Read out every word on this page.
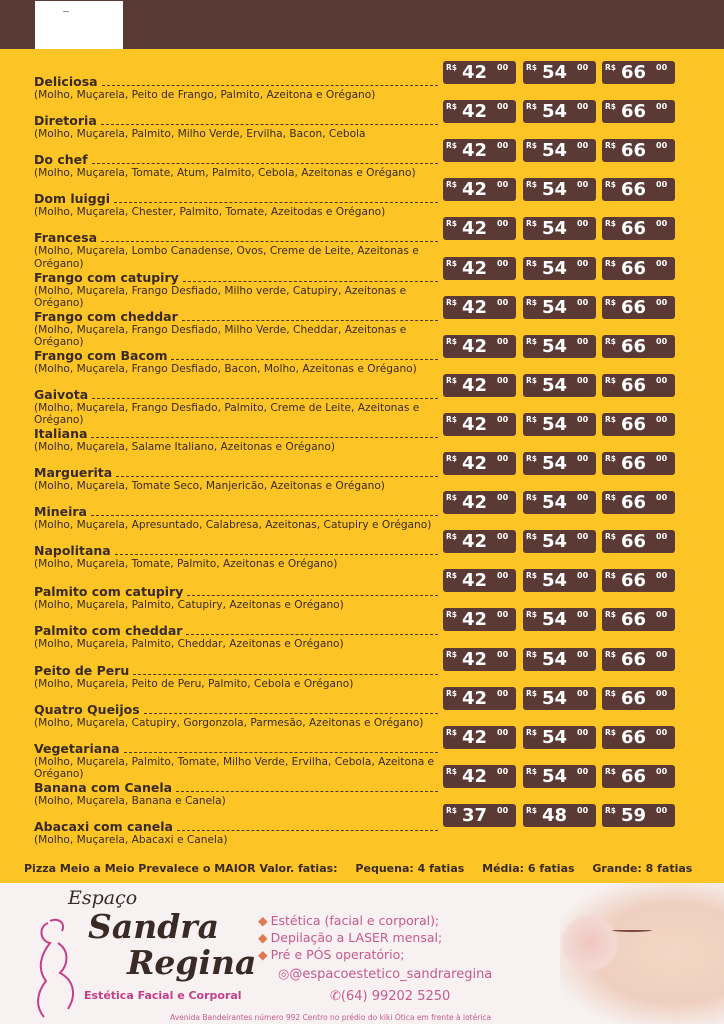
Deliciosa
(Molho, Muçarela, Peito de Frango, Palmito, Azeitona e Orégano)
R$ 42 00 R$ 54 00 R$ 66 00
Diretoria
(Molho, Muçarela, Palmito, Milho Verde, Ervilha, Bacon, Cebola
R$ 42 00 R$ 54 00 R$ 66 00
Do chef
(Molho, Muçarela, Tomate, Atum, Palmito, Cebola, Azeitonas e Orégano)
R$ 42 00 R$ 54 00 R$ 66 00
Dom luiggi
(Molho, Muçarela, Chester, Palmito, Tomate, Azeitodas e Orégano)
R$ 42 00 R$ 54 00 R$ 66 00
Francesa
(Molho, Muçarela, Lombo Canadense, Ovos, Creme de Leite, Azeitonas e Orégano)
R$ 42 00 R$ 54 00 R$ 66 00
Frango com catupiry
(Molho, Muçarela, Frango Desfiado, Milho verde, Catupiry, Azeitonas e Orégano)
R$ 42 00 R$ 54 00 R$ 66 00
Frango com cheddar
(Molho, Muçarela, Frango Desfiado, Milho Verde, Cheddar, Azeitonas e Orégano)
R$ 42 00 R$ 54 00 R$ 66 00
Frango com Bacom
(Molho, Muçarela, Frango Desfiado, Bacon, Molho, Azeitonas e Orégano)
R$ 42 00 R$ 54 00 R$ 66 00
Gaivota
(Molho, Muçarela, Frango Desfiado, Palmito, Creme de Leite, Azeitonas e Orégano)
R$ 42 00 R$ 54 00 R$ 66 00
Italiana
(Molho, Muçarela, Salame Italiano, Azeitonas e Orégano)
R$ 42 00 R$ 54 00 R$ 66 00
Marguerita
(Molho, Muçarela, Tomate Seco, Manjericão, Azeitonas e Orégano)
R$ 42 00 R$ 54 00 R$ 66 00
Mineira
(Molho, Muçarela, Apresuntado, Calabresa, Azeitonas, Catupiry e Orégano)
R$ 42 00 R$ 54 00 R$ 66 00
Napolitana
(Molho, Muçarela, Tomate, Palmito, Azeitonas e Orégano)
R$ 42 00 R$ 54 00 R$ 66 00
Palmito com catupiry
(Molho, Muçarela, Palmito, Catupiry, Azeitonas e Orégano)
R$ 42 00 R$ 54 00 R$ 66 00
Palmito com cheddar
(Molho, Muçarela, Palmito, Cheddar, Azeitonas e Orégano)
R$ 42 00 R$ 54 00 R$ 66 00
Peito de Peru
(Molho, Muçarela, Peito de Peru, Palmito, Cebola e Orégano)
R$ 42 00 R$ 54 00 R$ 66 00
Quatro Queijos
(Molho, Muçarela, Catupiry, Gorgonzola, Parmesão, Azeitonas e Orégano)
R$ 42 00 R$ 54 00 R$ 66 00
Vegetariana
(Molho, Muçarela, Palmito, Tomate, Milho Verde, Ervilha, Cebola, Azeitona e Orégano)
R$ 42 00 R$ 54 00 R$ 66 00
Banana com Canela
(Molho, Muçarela, Banana e Canela)
R$ 42 00 R$ 54 00 R$ 66 00
Abacaxi com canela
(Molho, Muçarela, Abacaxi e Canela)
R$ 37 00 R$ 48 00 R$ 59 00
Pizza Meio a Meio Prevalece o MAIOR Valor. fatias: Pequena: 4 fatias Média: 6 fatias Grande: 8 fatias
Espaço
Sandra
Regina
Estética Facial e Corporal
◆ Estética (facial e corporal);
◆ Depilação a LASER mensal;
◆ Pré e PÓS operatório;
◎@espacoestetico_sandraregina
✆(64) 99202 5250
Avenida Bandeirantes número 992 Centro no prédio do kiki Ótica em frente à lotérica
